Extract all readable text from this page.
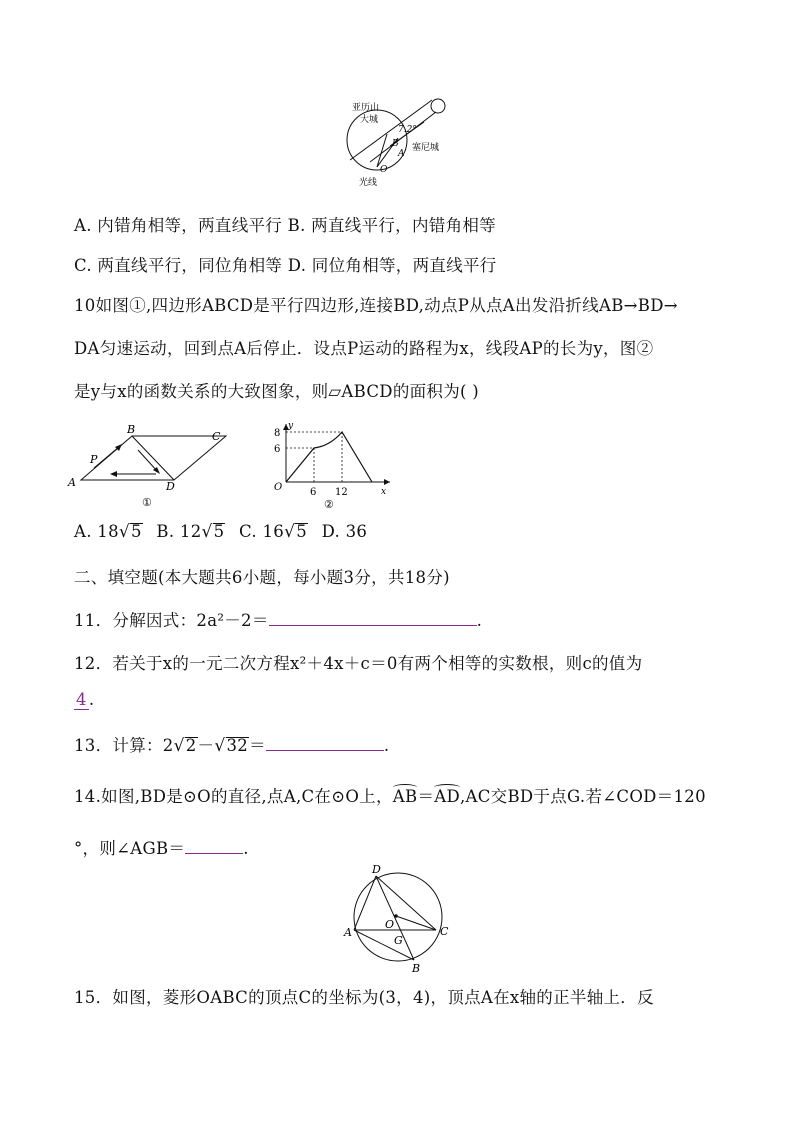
亚历山
大城
7.2°
B
A
塞尼城
O
光线
A. 内错角相等，两直线平行 B. 两直线平行，内错角相等
C. 两直线平行，同位角相等 D. 同位角相等，两直线平行
10如图①,四边形ABCD是平行四边形,连接BD,动点P从点A出发沿折线AB→BD→
DA匀速运动，回到点A后停止．设点P运动的路程为x，线段AP的长为y，图②
是y与x的函数关系的大致图象，则▱ABCD的面积为( )
A
B
C
D
P
①
y
8
6
O	6 12	x
②
A. 18√5 B. 12√5 C. 16√5 D. 36
二、填空题(本大题共6小题，每小题3分，共18分)
11．分解因式：2a²－2＝	.
12．若关于x的一元二次方程x²＋4x＋c＝0有两个相等的实数根，则c的值为
4 .
13．计算：2√2－√32＝	.
14.如图,BD是⊙O的直径,点A,C在⊙O上，AB＝AD,AC交BD于点G.若∠COD＝120
°，则∠AGB＝	.
D
A
O
G
C
B
15．如图，菱形OABC的顶点C的坐标为(3，4)，顶点A在x轴的正半轴上．反
